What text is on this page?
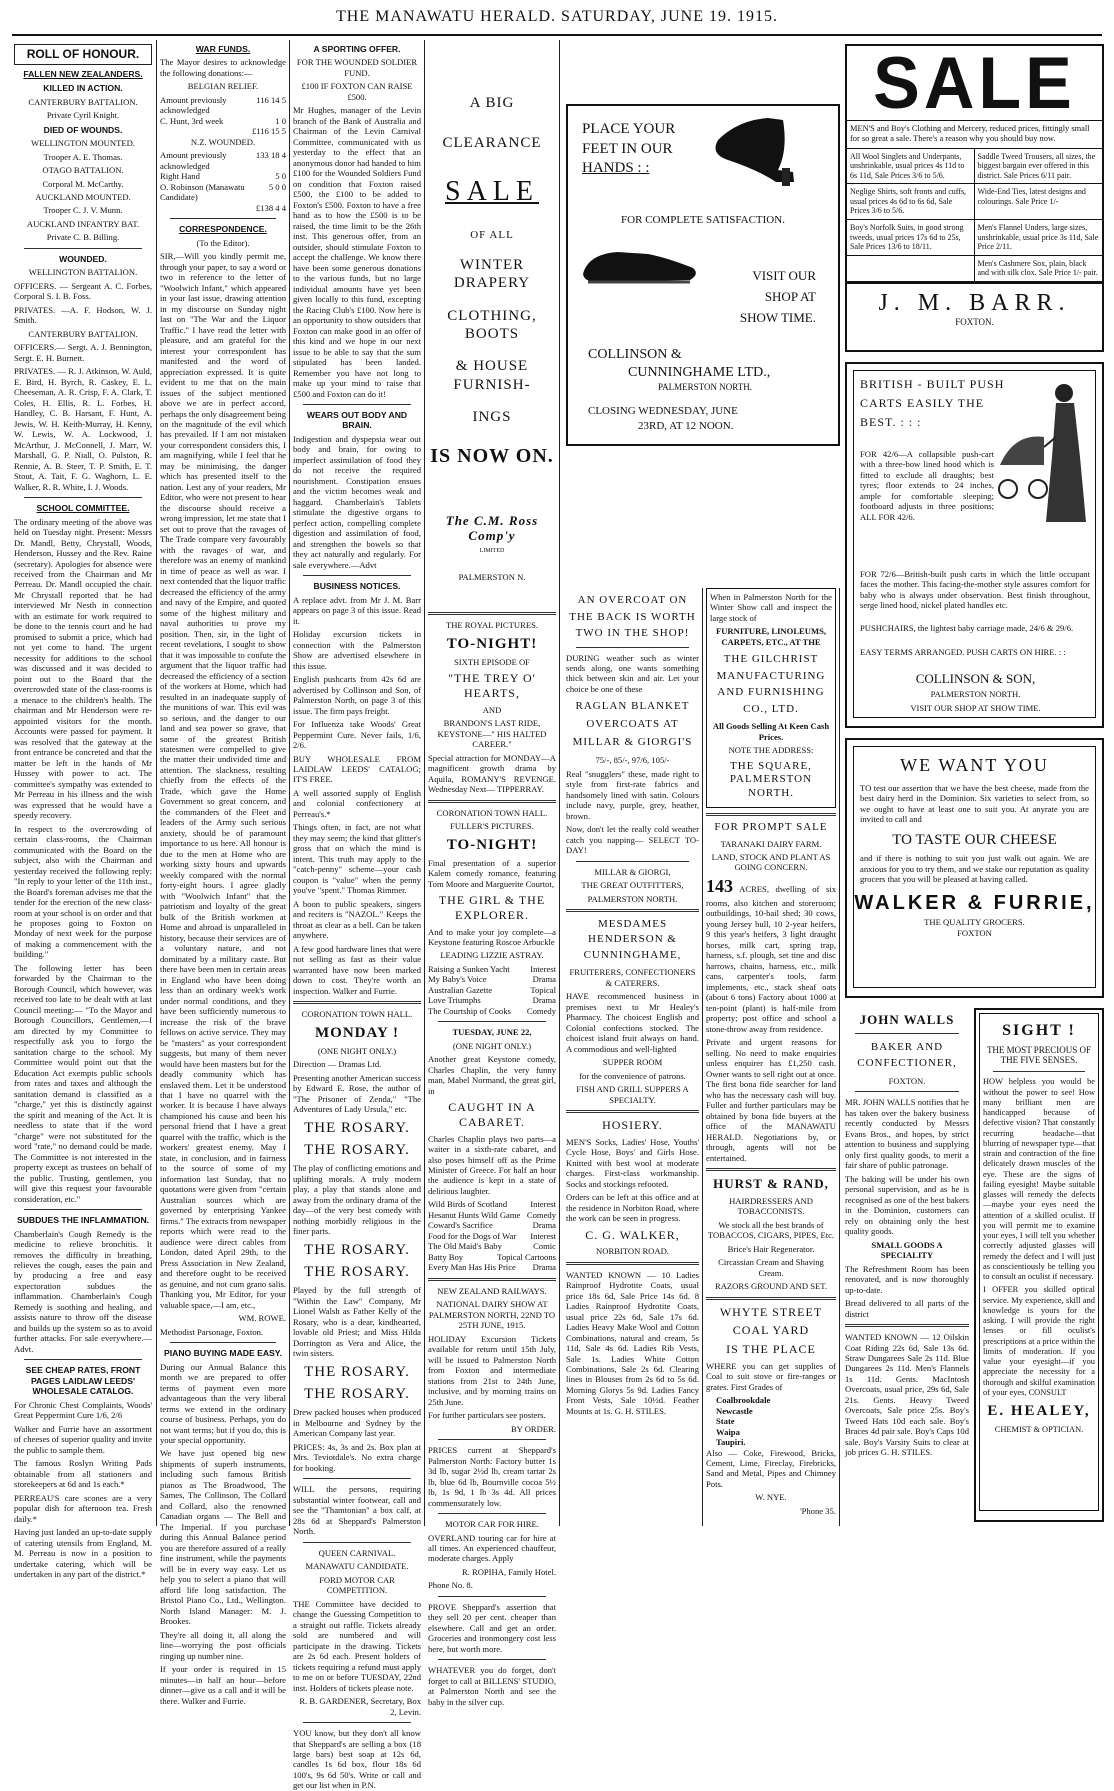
THE MANAWATU HERALD. SATURDAY, JUNE 19. 1915.
ROLL OF HONOUR.
FALLEN NEW ZEALANDERS.
KILLED IN ACTION.

CANTERBURY BATTALION.

Private Cyril Knight.

DIED OF WOUNDS.

WELLINGTON MOUNTED.

Trooper A. E. Thomas.

OTAGO BATTALION.

Corporal M. McCarthy.

AUCKLAND MOUNTED.

Trooper C. J. V. Munn.

AUCKLAND INFANTRY BAT.

Private C. B. Billing.

WOUNDED.

WELLINGTON BATTALION.

OFFICERS. — Sergeant A. C. Forbes, Corporal S. I. B. Foss.

PRIVATES. —A. F. Hodson, W. J. Smith.

CANTERBURY BATTALION.

OFFICERS.— Sergt. A. J. Bennington, Sergt. E. H. Burnett.

PRIVATES. — R. J. Atkinson, W. Auld, E. Bird, H. Byrch, R. Caskey, E. L. Cheeseman, A. R. Crisp, F. A. Clark, T. Coles, H. Ellis, R. L. Forbes, H. Handley, C. B. Harsant, F. Hunt, A. Jewis, W. H. Keith-Murray, H. Kenny, W. Lewis, W. A. Lockwood, J. McArthur, J. McConnell, J. Marr, W. Marshall, G. P. Niall, O. Pulston, R. Rennie, A. B. Steer, T. P. Smith, E. T. Stout, A. Tait, F. G. Waghorn, L. E. Walker, R. R. White, I. J. Woods.

SCHOOL COMMITTEE.

The ordinary meeting of the above was held on Tuesday night. Present: Messrs Dr. Mandl, Betty, Chrystall, Woods, Henderson, Hussey and the Rev. Raine (secretary). Apologies for absence were received from the Chairman and Mr Perreau. Dr. Mandl occupied the chair. Mr Chrystall reported that he had interviewed Mr Nesth in connection with an estimate for work required to be done to the tennis court and he had promised to submit a price, which had not yet come to hand. The urgent necessity for additions to the school was discussed and it was decided to point out to the Board that the overcrowded state of the class-rooms is a menace to the children's health. The chairman and Mr Henderson were re-appointed visitors for the month. Accounts were passed for payment. It was resolved that the gateway at the front entrance be concreted and that the matter be left in the hands of Mr Hussey with power to act. The committee's sympathy was extended to Mr Perreau in his illness and the wish was expressed that he would have a speedy recovery.

In respect to the overcrowding of certain class-rooms, the Chairman communicated with the Board on the subject, also with the Chairman and yesterday received the following reply: "In reply to your letter of the 11th inst., the Board's foreman advises me that the tender for the erection of the new class-room at your school is on order and that he proposes going to Foxton on Monday of next week for the purpose of making a commencement with the building."

The following letter has been forwarded by the Chairman to the Borough Council, which however, was received too late to be dealt with at last Council meeting:— "To the Mayor and Borough Councillors, Gentlemen,—I am directed by my Committee to respectfully ask you to forgo the sanitation charge to the school. My Committee would point out that the Education Act exempts public schools from rates and taxes and although the sanitation demand is classified as a "charge," yet this is distinctly against the spirit and meaning of the Act. It is needless to state that if the word "charge" were not substituted for the word "rate," no demand could be made. The Committee is not interested in the property except as trustees on behalf of the public. Trusting, gentlemen, you will give this request your favourable consideration, etc."

SUBDUES THE INFLAMMATION.

Chamberlain's Cough Remedy is the medicine to relieve bronchitis. It removes the difficulty in breathing, relieves the cough, eases the pain and by producing a free and easy expectoration subdues the inflammation. Chamberlain's Cough Remedy is soothing and healing, and assists nature to throw off the disease and builds up the system so as to avoid further attacks. For sale everywhere.—Advt.

SEE CHEAP RATES, FRONT PAGES LAIDLAW LEEDS' WHOLESALE CATALOG.

For Chronic Chest Complaints, Woods' Great Peppermint Cure 1/6, 2/6

Walker and Furrie have an assortment of cheeses of superior quality and invite the public to sample them.

The famous Roslyn Writing Pads obtainable from all stationers and storekeepers at 6d and 1s each.*

PERREAU'S care scones are a very popular dish for afternoon tea. Fresh daily.*

Having just landed an up-to-date supply of catering utensils from England, M. M. Perreau is now in a position to undertake catering, which will be undertaken in any part of the district.*

WAR FUNDS.

The Mayor desires to acknowledge the following donations:—

BELGIAN RELIEF.

Amount previously acknowledged
116 14 5
C. Hunt, 3rd week	1 0
£116 15 5

N.Z. WOUNDED.

Amount previously acknowledged
133 18 4
Right Hand	5 0
O. Robinson (Manawatu Candidate)
5 0 0
£138 4 4
CORRESPONDENCE.

(To the Editor).

SIR,—Will you kindly permit me, through your paper, to say a word or two in reference to the letter of "Woolwich Infant," which appeared in your last issue, drawing attention in my discourse on Sunday night last on "The War and the Liquor Traffic." I have read the letter with pleasure, and am grateful for the interest your correspondent has manifested and the word of appreciation expressed. It is quite evident to me that on the main issues of the subject mentioned above we are in perfect accord, perhaps the only disagreement being on the magnitude of the evil which has prevailed. If I am not mistaken your correspondent considers this, I am magnifying, while I feel that he may be minimising, the danger which has presented itself to the nation. Lest any of your readers, Mr Editor, who were not present to hear the discourse should receive a wrong impression, let me state that I set out to prove that the ravages of The Trade compare very favourably with the ravages of war, and therefore was an enemy of mankind in time of peace as well as war. I next contended that the liquor traffic decreased the efficiency of the army and navy of the Empire, and quoted some of the highest military and naval authorities to prove my position. Then, sir, in the light of recent revelations, I sought to show that it was impossible to confute the argument that the liquor traffic had decreased the efficiency of a section of the workers at Home, which had resulted in an inadequate supply of the munitions of war. This evil was so serious, and the danger to our land and sea power so grave, that some of the greatest British statesmen were compelled to give the matter their undivided time and attention. The slackness, resulting chiefly from the effects of the Trade, which gave the Home Government so great concern, and the commanders of the Fleet and leaders of the Army such serious anxiety, should be of paramount importance to us here. All honour is due to the men at Home who are working sixty hours and upwards weekly compared with the normal forty-eight hours. I agree gladly with "Woolwich Infant" that the patriotism and loyalty of the great bulk of the British workmen at Home and abroad is unparalleled in history, because their services are of a voluntary nature, and not dominated by a military caste. But there have been men in certain areas in England who have been doing less than an ordinary week's work under normal conditions, and they have been sufficiently numerous to increase the risk of the brave fellows on active service. They may be "masters" as your correspondent suggests, but many of them never would have been masters but for the deadly community which has enslaved them. Let it be understood that I have no quarrel with the worker. It is because I have always championed his cause and been his personal friend that I have a great quarrel with the traffic, which is the workers' greatest enemy. May I state, in conclusion, and in fairness to the source of some of my information last Sunday, that no quotations were given from "certain Australian sources which are governed by enterprising Yankee firms." The extracts from newspaper reports which were read to the audience were direct cables from London, dated April 29th, to the Press Association in New Zealand, and therefore ought to be received as genuine, and not cum grano salis. Thanking you, Mr Editor, for your valuable space,—I am, etc.,

WM. ROWE.

Methodist Parsonage, Foxton.

PIANO BUYING MADE EASY.

During our Annual Balance this month we are prepared to offer terms of payment even more advantageous than the very liberal terms we extend in the ordinary course of business. Perhaps, you do not want terms; but if you do, this is your special opportunity.

We have just opened big new shipments of superb instruments, including such famous British pianos as The Broadwood, The Sames, The Collinson, The Collard and Collard, also the renowned Canadian organs — The Bell and The Imperial. If you purchase during this Annual Balance period you are therefore assured of a really fine instrument, while the payments will be in every way easy. Let us help you to select a piano that will afford life long satisfaction. The Bristol Piano Co., Ltd., Wellington. North Island Manager: M. J. Brookes.

They're all doing it, all along the line—worrying the post officials ringing up number nine.

If your order is required in 15 minutes—in half an hour—before dinner—give us a call and it will be there. Walker and Furrie.

A SPORTING OFFER.

FOR THE WOUNDED SOLDIER FUND.

£100 IF FOXTON CAN RAISE £500.

Mr Hughes, manager of the Levin branch of the Bank of Australia and Chairman of the Levin Carnival Committee, communicated with us yesterday to the effect that an anonymous donor had handed to him £100 for the Wounded Soldiers Fund on condition that Foxton raised £500, the £100 to be added to Foxton's £500. Foxton to have a free hand as to how the £500 is to be raised, the time limit to be the 26th inst. This generous offer, from an outsider, should stimulate Foxton to accept the challenge. We know there have been some generous donations to the various funds, but no large individual amounts have yet been given locally to this fund, excepting the Racing Club's £100. Now here is an opportunity to show outsiders that Foxton can make good in an offer of this kind and we hope in our next issue to be able to say that the sum stipulated has been landed. Remember you have not long to make up your mind to raise that £500 and Foxton can do it!

WEARS OUT BODY AND BRAIN.

Indigestion and dyspepsia wear out body and brain, for owing to imperfect assimilation of food they do not receive the required nourishment. Constipation ensues and the victim becomes weak and haggard. Chamberlain's Tablets stimulate the digestive organs to perfect action, compelling complete digestion and assimilation of food, and strengthen the bowels so that they act naturally and regularly. For sale everywhere.—Advt

BUSINESS NOTICES.

A replace advt. from Mr J. M. Barr appears on page 3 of this issue. Read it.

Holiday excursion tickets in connection with the Palmerston Show are advertised elsewhere in this issue.

English pushcarts from 42s 6d are advertised by Collinson and Son, of Palmerston North, on page 3 of this issue. The firm pays freight.

For Influenza take Woods' Great Peppermint Cure. Never fails, 1/6, 2/6.

BUY WHOLESALE FROM LAIDLAW LEEDS' CATALOG; IT'S FREE.

A well assorted supply of English and colonial confectionery at Perreau's.*

Things often, in fact, are not what they may seem; the kind that glitter's gross that on which the mind is intent. This truth may apply to the "catch-penny" scheme—your cash coupon is "value" when the penny you've "spent." Thomas Rimmer.

A boon to public speakers, singers and reciters is "NAZOL." Keeps the throat as clear as a bell. Can be taken anywhere.

A few good hardware lines that were not selling as fast as their value warranted have now been marked down to cost. They're worth an inspection. Walker and Furrie.

CORONATION TOWN HALL.

MONDAY !

(ONE NIGHT ONLY.)

Direction — Dramas Ltd.

Presenting another American success by Edward E. Rose, the author of "The Prisoner of Zenda," "The Adventures of Lady Ursula," etc.

THE ROSARY.
THE ROSARY.

The play of conflicting emotions and uplifting morals. A truly modern play, a play that stands alone and away from the ordinary drama of the day—of the very best comedy with nothing morbidly religious in the finer parts.

THE ROSARY.
THE ROSARY.

Played by the full strength of "Within the Law" Company, Mr Lionel Walsh as Father Kelly of the Rosary, who is a dear, kindhearted, lovable old Priest; and Miss Hilda Dorrington as Vera and Alice, the twin sisters.

THE ROSARY.
THE ROSARY.

Drew packed houses when produced in Melbourne and Sydney by the American Company last year.

PRICES: 4s, 3s and 2s. Box plan at Mrs. Teviotdale's. No extra charge for booking.

WILL the persons, requiring substantial winter footwear, call and see the "Thamtonian" a box calf, at 28s 6d at Sheppard's Palmerston North.

QUEEN CARNIVAL.

MANAWATU CANDIDATE.

FORD MOTOR CAR COMPETITION.

THE Committee have decided to change the Guessing Competition to a straight out raffle. Tickets already sold are numbered and will participate in the drawing. Tickets are 2s 6d each. Present holders of tickets requiring a refund must apply to me on or before TUESDAY, 22nd inst. Holders of tickets please note.

R. B. GARDENER, Secretary, Box 2, Levin.

YOU know, but they don't all know that Sheppard's are selling a box (18 large bars) best soap at 12s 6d, candles 1s 6d box, flour 18s 6d 100's, 9s 6d 50's. Write or call and get our list when in P.N.

A BIG
CLEARANCE
SALE
OF ALL
WINTER DRAPERY
CLOTHING, BOOTS
& HOUSE FURNISH-
INGS
IS NOW ON.
The C.M. Ross Comp'y
LIMITED

PALMERSTON N.

THE ROYAL PICTURES.

TO-NIGHT!

SIXTH EPISODE OF

"THE TREY O' HEARTS,

AND

BRANDON'S LAST RIDE, KEYSTONE—" HIS HALTED CAREER."

Special attraction for MONDAY—A magnificent growth drama by Aquila, ROMANY'S REVENGE. Wednesday Next— TIPPERRAY.

CORONATION TOWN HALL.

FULLER'S PICTURES.

TO-NIGHT!

Final presentation of a superior Kalem comedy romance, featuring Tom Moore and Marguerite Courtot,

THE GIRL & THE EXPLORER.

And to make your joy complete—a Keystone featuring Roscoe Arbuckle

LEADING LIZZIE ASTRAY.

Raising a Sunken Yacht	Interest
My Baby's Voice	Drama
Australian Gazette	Topical
Love Triumphs	Drama
The Courtship of Cooks	Comedy

TUESDAY, JUNE 22,

(ONE NIGHT ONLY.)

Another great Keystone comedy, Charles Chaplin, the very funny man, Mabel Normand, the great girl, in

CAUGHT IN A CABARET.

Charles Chaplin plays two parts—a waiter in a sixth-rate cabaret, and also poses himself off as the Prime Minister of Greece. For half an hour the audience is kept in a state of delirious laughter.

Wild Birds of Scotland	Interest
Hesanut Hunts Wild Game Comedy
Coward's Sacrifice	Drama
Food for the Dogs of War	Interest
The Old Maid's Baby	Comic
Batty Boy	Topical Cartoons
Every Man Has His Price	Drama

NEW ZEALAND RAILWAYS.

NATIONAL DAIRY SHOW AT PALMERSTON NORTH, 22ND TO 25TH JUNE, 1915.

HOLIDAY Excursion Tickets available for return until 15th July, will be issued to Palmerston North from Foxton and intermediate stations from 21st to 24th June, inclusive, and by morning trains on 25th June.

For further particulars see posters.

BY ORDER.

PRICES current at Sheppard's Palmerston North: Factory butter 1s 3d lb, sugar 2½d lb, cream tartar 2s lb, blue 6d lb, Bournville cocoa 5½ lb, 1s 9d, 1 lb 3s 4d. All prices commensurately low.

MOTOR CAR FOR HIRE.

OVERLAND touring car for hire at all times. An experienced chauffeur, moderate charges. Apply

R. ROPIHA, Family Hotel.

Phone No. 8.

PROVE Sheppard's assertion that they sell 20 per cent. cheaper than elsewhere. Call and get an order. Groceries and ironmongery cost less here, but worth more.

WHATEVER you do forget, don't forget to call at BILLENS' STUDIO, at Palmerston North and see the baby in the silver cup.

PLACE YOUR
FEET IN OUR
HANDS : :
FOR COMPLETE SATISFACTION.
VISIT OUR
SHOP AT
SHOW TIME.
COLLINSON &
CUNNINGHAME LTD.,
PALMERSTON NORTH.
CLOSING WEDNESDAY, JUNE
23RD, AT 12 NOON.
AN OVERCOAT ON THE BACK IS WORTH TWO IN THE SHOP!

DURING weather such as winter sends along, one wants something thick between skin and air. Let your choice be one of these

RAGLAN BLANKET OVERCOATS AT MILLAR & GIORGI'S

75/-, 85/-, 97/6, 105/-

Real "snugglers" these, made right to style from first-rate fabrics and handsomely lined with satin. Colours include navy, purple, grey, heather, brown.

Now, don't let the really cold weather catch you napping— SELECT TO-DAY!

MILLAR & GIORGI,

THE GREAT OUTFITTERS,

PALMERSTON NORTH.

MESDAMES HENDERSON & CUNNINGHAME,

FRUITERERS, CONFECTIONERS & CATERERS.

HAVE recommenced business in premises next to Mr Healey's Pharmacy. The choicest English and Colonial confections stocked. The choicest island fruit always on hand. A commodious and well-lighted

SUPPER ROOM

for the convenience of patrons.

FISH AND GRILL SUPPERS A SPECIALTY.

HOSIERY.

MEN'S Socks, Ladies' Hose, Youths' Cycle Hose, Boys' and Girls Hose. Knitted with best wool at moderate charges. First-class workmanship. Socks and stockings refooted.

Orders can be left at this office and at the residence in Norbiton Road, where the work can be seen in progress.

C. G. WALKER,

NORBITON ROAD.

WANTED KNOWN — 10 Ladies Rainproof Hydrotite Coats, usual price 18s 6d, Sale Price 14s 6d. 8 Ladies Rainproof Hydrotite Coats, usual price 22s 6d, Sale 17s 6d. Ladies Heavy Make Wool and Cotton Combinations, natural and cream, 5s 11d, Sale 4s 6d. Ladies Rib Vests, Sale 1s. Ladies White Cotton Combinations, Sale 2s 6d. Clearing lines in Blouses from 2s 6d to 5s 6d. Morning Glorys 5s 9d. Ladies Fancy Front Vests, Sale 10½d. Feather Mounts at 1s. G. H. STILES.

When in Palmerston North for the Winter Show call and inspect the large stock of

FURNITURE, LINOLEUMS, CARPETS, ETC., AT THE

THE GILCHRIST MANUFACTURING AND FURNISHING CO., LTD.

All Goods Selling At Keen Cash Prices.

NOTE THE ADDRESS:

THE SQUARE, PALMERSTON NORTH.
FOR PROMPT SALE

TARANAKI DAIRY FARM.

LAND, STOCK AND PLANT AS GOING CONCERN.

143 ACRES, dwelling of six rooms, also kitchen and storeroom; outbuildings, 10-bail shed; 30 cows, young Jersey bull, 10 2-year heifers, 9 this year's heifers, 3 light draught horses, milk cart, spring trap, harness, s.f. plough, set tine and disc harrows, chains, harness, etc., milk cans, carpenter's tools, farm implements, etc., stack sheaf oats (about 6 tons) Factory about 1000 at ten-point (plant) is half-mile from property; post office and school a stone-throw away from residence.

Private and urgent reasons for selling. No need to make enquiries unless enquirer has £1,250 cash. Owner wants to sell right out at once. The first bona fide searcher for land who has the necessary cash will buy. Fuller and further particulars may be obtained by bona fide buyers at the office of the MANAWATU HERALD. Negotiations by, or through, agents will not be entertained.

HURST & RAND,

HAIRDRESSERS AND TOBACCONISTS.

We stock all the best brands of TOBACCOS, CIGARS, PIPES, Etc.

Brice's Hair Regenerator.

Circassian Cream and Shaving Cream.

RAZORS GROUND AND SET.

WHYTE STREET
COAL YARD
IS THE PLACE

WHERE you can get supplies of Coal to suit stove or fire-ranges or grates. First Grades of

Coalbrookdale
Newcastle
State
Waipa
Taupiri.

Also — Coke, Firewood, Bricks, Cement, Lime, Fireclay, Firebricks, Sand and Metal, Pipes and Chimney Pots.

W. NYE.

'Phone 35.

SALE
MEN'S and Boy's Clothing and Mercery, reduced prices, fittingly small for so great a sale. There's a reason why you should buy now.
All Wool Singlets and Underpants, unshrinkable, usual prices 4s 11d to 6s 11d, Sale Prices 3/6 to 5/6.
Saddle Tweed Trousers, all sizes, the biggest bargain ever offered in this district. Sale Prices 6/11 pair.
Neglige Shirts, soft fronts and cuffs, usual prices 4s 6d to 6s 6d, Sale Prices 3/6 to 5/6.
Wide-End Ties, latest designs and colourings. Sale Price 1/-
Boy's Norfolk Suits, in good strong tweeds, usual prices 17s 6d to 25s, Sale Prices 13/6 to 18/11.
Men's Flannel Unders, large sizes, unshrinkable, usual price 3s 11d, Sale Price 2/11.
Men's Cashmere Sox, plain, black and with silk clox. Sale Price 1/- pair.
J. M. BARR.
FOXTON.
BRITISH - BUILT PUSH CARTS EASILY THE BEST. : : :
FOR 42/6—A collapsible push-cart with a three-bow lined hood which is fitted to exclude all draughts; best tyres; floor extends to 24 inches, ample for comfortable sleeping; footboard adjusts in three positions; ALL FOR 42/6.
FOR 72/6—British-built push carts in which the little occupant faces the mother. This facing-the-mother style assures comfort for baby who is always under observation. Best finish throughout, serge lined hood, nickel plated handles etc.
PUSHCHAIRS, the lightest baby carriage made, 24/6 & 29/6.
EASY TERMS ARRANGED. PUSH CARTS ON HIRE. : :
COLLINSON & SON,
PALMERSTON NORTH.
VISIT OUR SHOP AT SHOW TIME.
WE WANT YOU
TO test our assertion that we have the best cheese, made from the best dairy herd in the Dominion. Six varieties to select from, so we ought to have at least one to suit you. At anyrate you are invited to call and
TO TASTE OUR CHEESE
and if there is nothing to suit you just walk out again. We are anxious for you to try them, and we stake our reputation as quality grocers that you will be pleased at having called.
WALKER & FURRIE,
THE QUALITY GROCERS.
FOXTON
JOHN WALLS
BAKER AND CONFECTIONER,

FOXTON.

MR. JOHN WALLS notifies that he has taken over the bakery business recently conducted by Messrs Evans Bros., and hopes, by strict attention to business and supplying only first quality goods, to merit a fair share of public patronage.

The baking will be under his own personal supervision, and as he is recognised as one of the best bakers in the Dominion, customers can rely on obtaining only the best quality goods.

SMALL GOODS A SPECIALITY

The Refreshment Room has been renovated, and is now thoroughly up-to-date.

Bread delivered to all parts of the district

WANTED KNOWN — 12 Oilskin Coat Riding 22s 6d, Sale 13s 6d. Straw Dungarees Sale 2s 11d. Blue Dungarees 2s 11d. Men's Flannels 1s 11d. Gents. MacIntosh Overcoats, usual price, 29s 6d, Sale 21s. Gents. Heavy Tweed Overcoats, Sale price 25s. Boy's Tweed Hats 10d each sale. Boy's Braces 4d pair sale. Boy's Caps 10d sale. Boy's Varsity Suits to clear at job prices G. H. STILES.

SIGHT !
THE MOST PRECIOUS OF THE FIVE SENSES.

HOW helpless you would be without the power to see! How many brilliant men are handicapped because of defective vision? That constantly recurring headache—that blurring of newspaper type—that strain and contraction of the fine delicately drawn muscles of the eye. These are the signs of failing eyesight! Maybe suitable glasses will remedy the defects—maybe your eyes need the attention of a skilled oculist. If you will permit me to examine your eyes, I will tell you whether correctly adjusted glasses will remedy the defect and I will just as conscientiously be telling you to consult an oculist if necessary.

I OFFER you skilled optical service. My experience, skill and knowledge is yours for the asking. I will provide the right lenses or fill oculist's prescriptions at a price within the limits of moderation. If you value your eyesight—if you appreciate the necessity for a thorough and skilful examination of your eyes, CONSULT

E. HEALEY,
CHEMIST & OPTICIAN.
